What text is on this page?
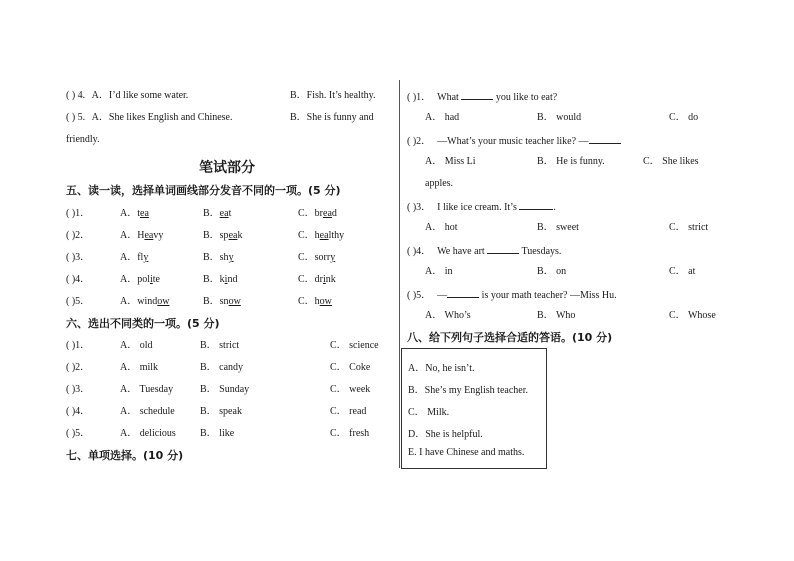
( ) 4. A．I’d like some water.	B．Fish. It’s healthy.
( ) 5. A．She likes English and Chinese.	B．She is funny and
friendly.
笔试部分
五、读一读，选择单词画线部分发音不同的一项。(5 分)
( )1．	A．tea	B．eat	C．bread
( )2．	A．Heavy	B．speak	C．healthy
( )3．	A．fly	B．shy	C．sorry
( )4．	A．polite	B．kind	C．drink
( )5．	A．window	B．snow	C．how
六、选出不同类的一项。(5 分)
( )1．	A． old	B． strict	C． science
( )2．	A． milk	B． candy	C． Coke
( )3．	A． Tuesday	B． Sunday	C． week
( )4．	A． schedule	B． speak	C． read
( )5．	A． delicious B． like	C． fresh
七、单项选择。(10 分)
( )1． What	you like to eat?
A． had	B． would	C． do
( )2． —What’s your music teacher like? —
A． Miss Li	B． He is funny.	C． She likes
apples.
( )3． I like ice cream. It’s	.
A． hot	B． sweet	C． strict
( )4． We have art	Tuesdays.
A． in	B． on	C． at
( )5． —	is your math teacher? —Miss Hu.
A． Who’s	B． Who	C． Whose
八、给下列句子选择合适的答语。(10 分)
A．No, he isn’t.
B．She’s my English teacher.
C． Milk.
D．She is helpful.
E. I have Chinese and maths.
